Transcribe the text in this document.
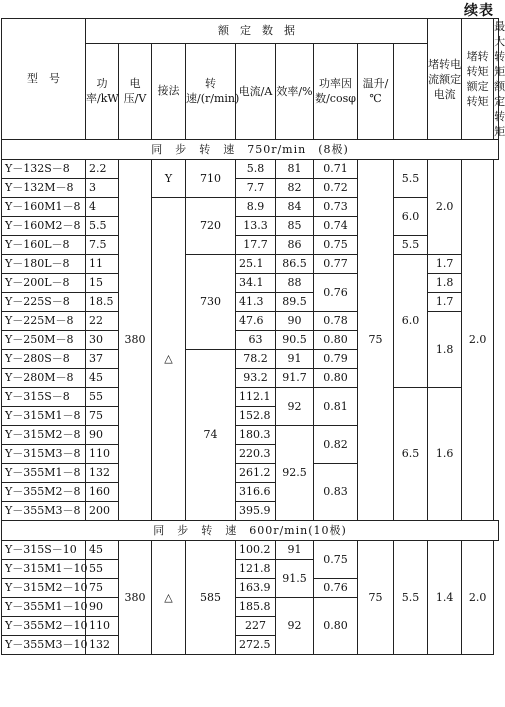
续表
型　号	额　定　数　据									堵转电流额定电流	堵转转矩额定转矩	最大转矩额定转矩
	功率/kW	电压/V	接法	转速/(r/min)	电流/A	效率/%	功率因数/cosφ	温升/℃				
同　步　转　速　750r/min　(8极)												
Y－132S－8	2.2	380	Y	710	5.8	81	0.71	75	5.5	2.0	2.0	
Y－132M－8	3				7.7	82	0.72					
Y－160M1－8	4		△	720	8.9	84	0.73		6.0			
Y－160M2－8	5.5				13.3	85	0.74					
Y－160L－8	7.5				17.7	86	0.75		5.5			
Y－180L－8	11			730	25.1	86.5	0.77		6.0	1.7		
Y－200L－8	15				34.1	88	0.76			1.8		
Y－225S－8	18.5				41.3	89.5				1.7		
Y－225M－8	22				47.6	90	0.78			1.8		
Y－250M－8	30				63	90.5	0.80					
Y－280S－8	37			74	78.2	91	0.79					
Y－280M－8	45				93.2	91.7	0.80					
Y－315S－8	55				112.1	92	0.81		6.5	1.6		
Y－315M1－8	75				152.8							
Y－315M2－8	90				180.3	92.5	0.82					
Y－315M3－8	110				220.3							
Y－355M1－8	132				261.2		0.83					
Y－355M2－8	160				316.6							
Y－355M3－8	200				395.9							
同　步　转　速　600r/min(10极)												
Y－315S－10	45	380	△	585	100.2	91	0.75	75	5.5	1.4	2.0	
Y－315M1－10	55				121.8	91.5						
Y－315M2－10	75				163.9		0.76					
Y－355M1－10	90				185.8	92	0.80					
Y－355M2－10	110				227							
Y－355M3－10	132				272.5							
